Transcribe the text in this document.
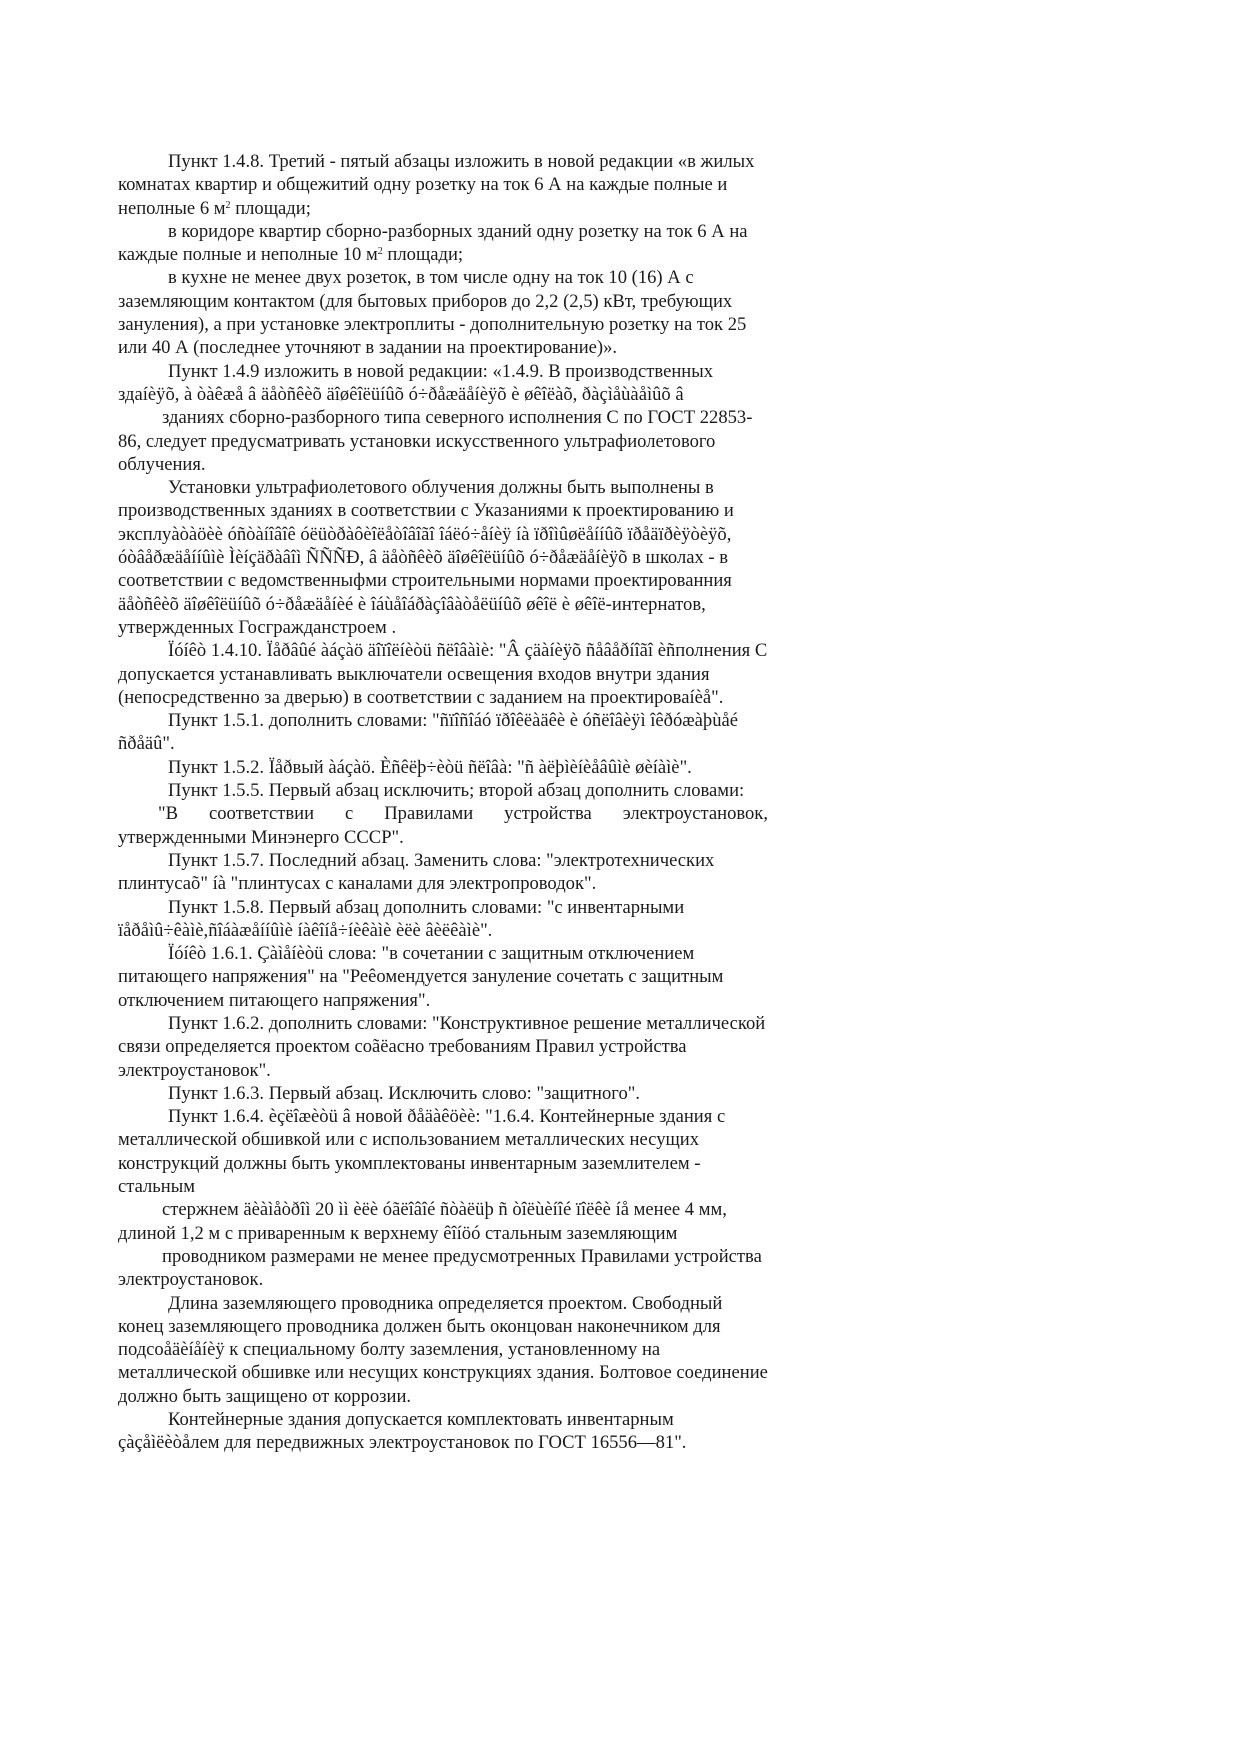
Пункт 1.4.8. Третий - пятый абзацы изложить в новой редакции «в жилых комнатах квартир и общежитий одну розетку на ток 6 А на каждые полные и неполные 6 $м^2$ площади;

в коридоре квартир сборно-разборных зданий одну розетку на ток 6 А на каждые полные и неполные 10 $м^2$ площади;

в кухне не менее двух розеток, в том числе одну на ток 10 (16) А с заземляющим контактом (для бытовых приборов до 2,2 (2,5) кВт, требующих зануления), а при установке электроплиты - дополнительную розетку на ток 25 или 40 А (последнее уточняют в задании на проектирование)».

Пункт 1.4.9 изложить в новой редакции: «1.4.9. В производственных здaíèÿõ, à òàêæå â äåòñêèõ äîøêîëüíûõ ó÷ðåæäåíèÿõ è øêîëàõ, ðàçìåùàåìûõ â

зданиях сборно-разборного типа северного исполнения С по ГОСТ 22853-86, следует предусматривать установки искусственного ультрафиолетового облучения.

Установки ультрафиолетового облучения должны быть выполнены в производственных зданиях в соответствии с Указаниями к проектированию и эксплуàòàöèè óñòàíîâîê óëüòðàôèîëåòîâîãî îáëó÷åíèÿ íà ïðîìûøëåííûõ ïðåäïðèÿòèÿõ, óòâåðæäåííûìè Ìèíçäðàâîì ÑÑÑÐ, â äåòñêèõ äîøêîëüíûõ ó÷ðåæäåíèÿõ в школах - в соответствии с ведомственныфми строительными нормами проектированния äåòñêèõ äîøêîëüíûõ ó÷ðåæäåíèé è îáùåîáðàçîâàòåëüíûõ øêîë è øêîë-интернатов, утвержденных Госгражданстроем .

Ïóíêò 1.4.10. Ïåðâûé àáçàö äîïîëíèòü ñëîâàìè: "Â çäàíèÿõ ñåâåðíîãî èñполнения С допускается устанавливать выключатели освещения входов внутри здания (непосредственно за дверью) в соответствии с заданием на проектироваíèå".

Пункт 1.5.1. дополнить словами: "ñïîñîáó ïðîêëàäêè è óñëîâèÿì îêðóæàþùåé ñðåäû".

Пункт 1.5.2. Ïåðвый àáçàö. Èñêëþ÷èòü ñëîâà: "ñ àëþìèíèåâûìè øèíàìè".

Пункт 1.5.5. Первый абзац исключить; второй абзац дополнить словами:

"В соответствии с Правилами устройства электроустановок, утвержденными Минэнерго СССР".

Пункт 1.5.7. Последний абзац. Заменить слова: "электротехнических плинтусаõ" íà "плинтусах с каналами для электропроводок".

Пункт 1.5.8. Первый абзац дополнить словами: "с инвентарными ïåðåìû÷êàìè,ñîáàæåííûìè íàêîíå÷íèêàìè èëè âèëêàìè".

Ïóíêò 1.6.1. Çàìåíèòü слова: "в сочетании с защитным отключением питающего напряжения" на "Реêомендуется зануление сочетать с защитным отключением питающего напряжения".

Пункт 1.6.2. дополнить словами: "Конструктивное решение металлической связи определяется проектом соãëасно требованиям Правил устройства электроустановок".

Пункт 1.6.3. Первый абзац. Исключить слово: "защитного".

Пункт 1.6.4. èçëîæèòü â новой ðåäàêöèè: "1.6.4. Контейнерные здания с металлической обшивкой или с использованием металлических несущих конструкций должны быть укомплектованы инвентарным заземлителем - стальным

стержнем äèàìåòðîì 20 ìì èëè óãëîâîé ñòàëüþ ñ òîëùèíîé ïîëêè íå менее 4 мм, длиной 1,2 м с приваренным к верхнему êîíöó стальным заземляющим

проводником размерами не менее предусмотренных Правилами устройства электроустановок.

Длина заземляющего проводника определяется проектом. Свободный конец заземляющего проводника должен быть оконцован наконечником для подсоåäèíåíèÿ к специальному болту заземления, установленному на металлической обшивке или несущих конструкциях здания. Болтовое соединение должно быть защищено от коррозии.

Контейнерные здания допускается комплектовать инвентарным çàçåìëèòåлем для передвижных электроустановок по ГОСТ 16556—81".
